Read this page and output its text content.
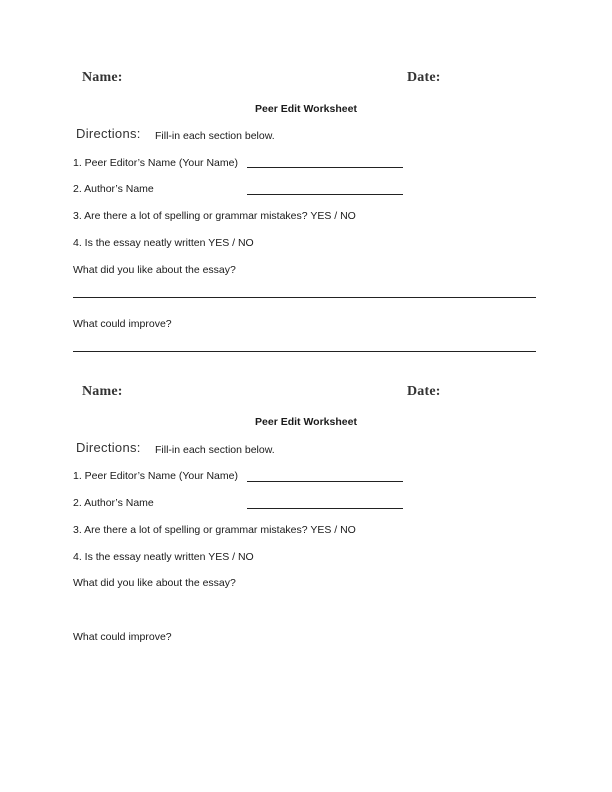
Name:	Date:
Peer Edit Worksheet
Directions: Fill-in each section below.
1. Peer Editor’s Name (Your Name)
2. Author’s Name
3. Are there a lot of spelling or grammar mistakes? YES / NO
4. Is the essay neatly written YES / NO
What did you like about the essay?
What could improve?
Name:	Date:
Peer Edit Worksheet
Directions: Fill-in each section below.
1. Peer Editor’s Name (Your Name)
2. Author’s Name
3. Are there a lot of spelling or grammar mistakes? YES / NO
4. Is the essay neatly written YES / NO
What did you like about the essay?
What could improve?
